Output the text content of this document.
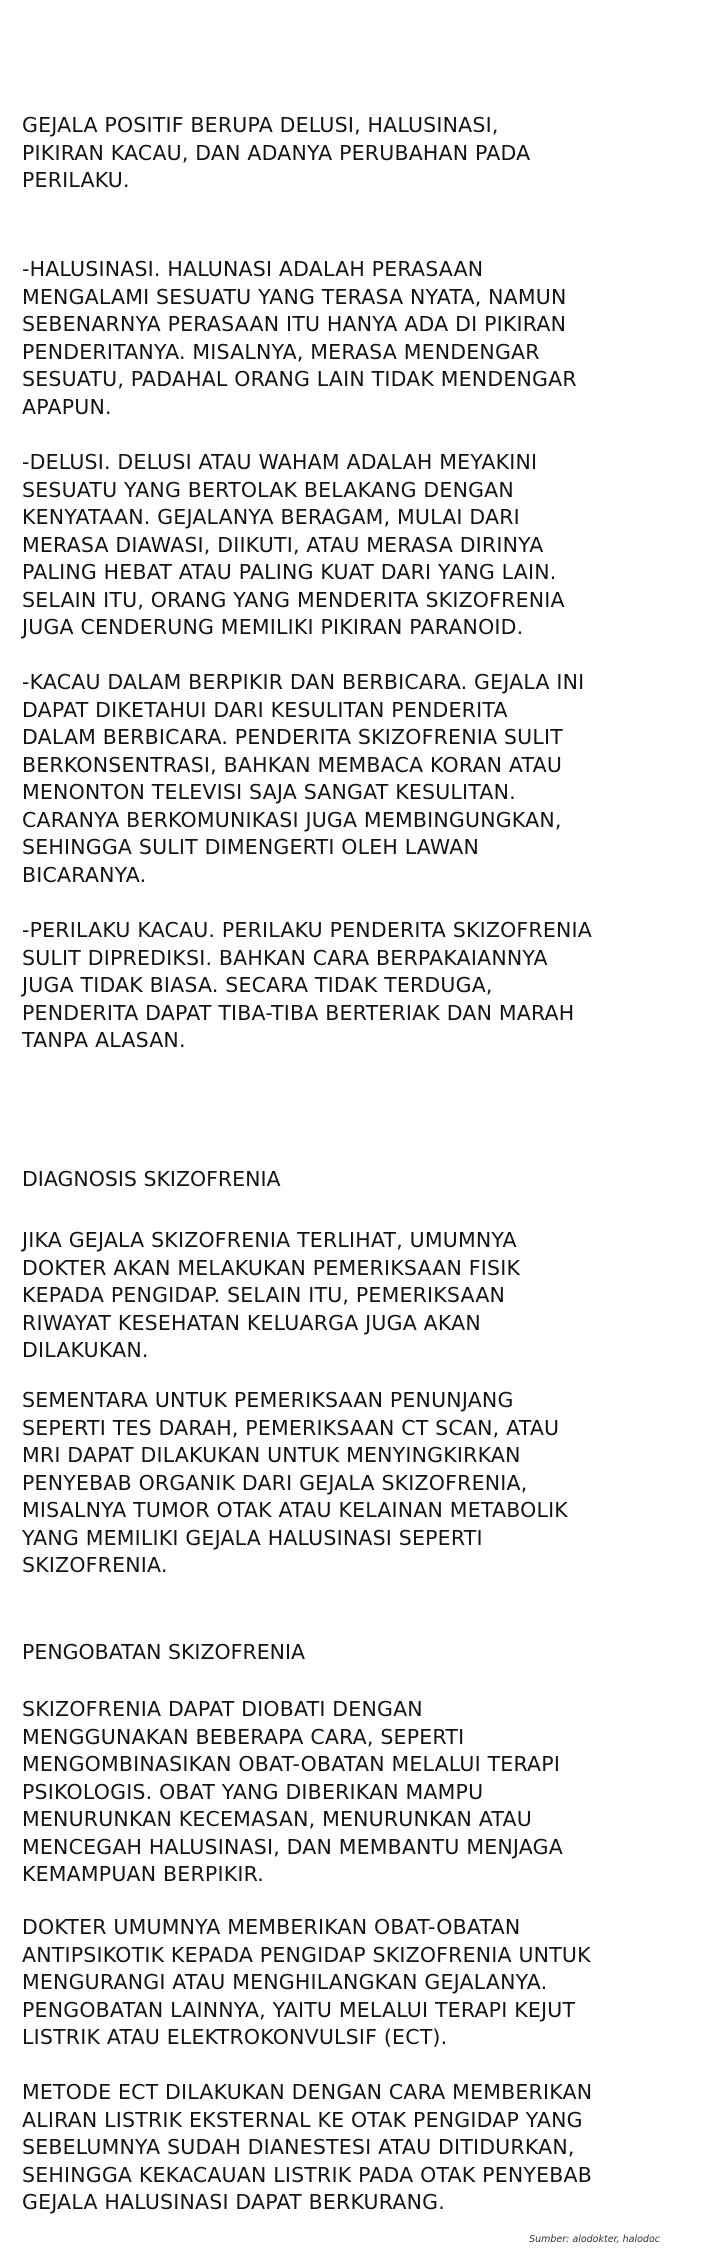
GEJALA POSITIF BERUPA DELUSI, HALUSINASI,
PIKIRAN KACAU, DAN ADANYA PERUBAHAN PADA
PERILAKU.

-HALUSINASI. HALUNASI ADALAH PERASAAN
MENGALAMI SESUATU YANG TERASA NYATA, NAMUN
SEBENARNYA PERASAAN ITU HANYA ADA DI PIKIRAN
PENDERITANYA. MISALNYA, MERASA MENDENGAR
SESUATU, PADAHAL ORANG LAIN TIDAK MENDENGAR
APAPUN.

-DELUSI. DELUSI ATAU WAHAM ADALAH MEYAKINI
SESUATU YANG BERTOLAK BELAKANG DENGAN
KENYATAAN. GEJALANYA BERAGAM, MULAI DARI
MERASA DIAWASI, DIIKUTI, ATAU MERASA DIRINYA
PALING HEBAT ATAU PALING KUAT DARI YANG LAIN.
SELAIN ITU, ORANG YANG MENDERITA SKIZOFRENIA
JUGA CENDERUNG MEMILIKI PIKIRAN PARANOID.

-KACAU DALAM BERPIKIR DAN BERBICARA. GEJALA INI
DAPAT DIKETAHUI DARI KESULITAN PENDERITA
DALAM BERBICARA. PENDERITA SKIZOFRENIA SULIT
BERKONSENTRASI, BAHKAN MEMBACA KORAN ATAU
MENONTON TELEVISI SAJA SANGAT KESULITAN.
CARANYA BERKOMUNIKASI JUGA MEMBINGUNGKAN,
SEHINGGA SULIT DIMENGERTI OLEH LAWAN
BICARANYA.

-PERILAKU KACAU. PERILAKU PENDERITA SKIZOFRENIA
SULIT DIPREDIKSI. BAHKAN CARA BERPAKAIANNYA
JUGA TIDAK BIASA. SECARA TIDAK TERDUGA,
PENDERITA DAPAT TIBA-TIBA BERTERIAK DAN MARAH
TANPA ALASAN.

DIAGNOSIS SKIZOFRENIA

JIKA GEJALA SKIZOFRENIA TERLIHAT, UMUMNYA
DOKTER AKAN MELAKUKAN PEMERIKSAAN FISIK
KEPADA PENGIDAP. SELAIN ITU, PEMERIKSAAN
RIWAYAT KESEHATAN KELUARGA JUGA AKAN
DILAKUKAN.

SEMENTARA UNTUK PEMERIKSAAN PENUNJANG
SEPERTI TES DARAH, PEMERIKSAAN CT SCAN, ATAU
MRI DAPAT DILAKUKAN UNTUK MENYINGKIRKAN
PENYEBAB ORGANIK DARI GEJALA SKIZOFRENIA,
MISALNYA TUMOR OTAK ATAU KELAINAN METABOLIK
YANG MEMILIKI GEJALA HALUSINASI SEPERTI
SKIZOFRENIA.

PENGOBATAN SKIZOFRENIA

SKIZOFRENIA DAPAT DIOBATI DENGAN
MENGGUNAKAN BEBERAPA CARA, SEPERTI
MENGOMBINASIKAN OBAT-OBATAN MELALUI TERAPI
PSIKOLOGIS. OBAT YANG DIBERIKAN MAMPU
MENURUNKAN KECEMASAN, MENURUNKAN ATAU
MENCEGAH HALUSINASI, DAN MEMBANTU MENJAGA
KEMAMPUAN BERPIKIR.

DOKTER UMUMNYA MEMBERIKAN OBAT-OBATAN
ANTIPSIKOTIK KEPADA PENGIDAP SKIZOFRENIA UNTUK
MENGURANGI ATAU MENGHILANGKAN GEJALANYA.
PENGOBATAN LAINNYA, YAITU MELALUI TERAPI KEJUT
LISTRIK ATAU ELEKTROKONVULSIF (ECT).

METODE ECT DILAKUKAN DENGAN CARA MEMBERIKAN
ALIRAN LISTRIK EKSTERNAL KE OTAK PENGIDAP YANG
SEBELUMNYA SUDAH DIANESTESI ATAU DITIDURKAN,
SEHINGGA KEKACAUAN LISTRIK PADA OTAK PENYEBAB
GEJALA HALUSINASI DAPAT BERKURANG.

Sumber: alodokter, halodoc
